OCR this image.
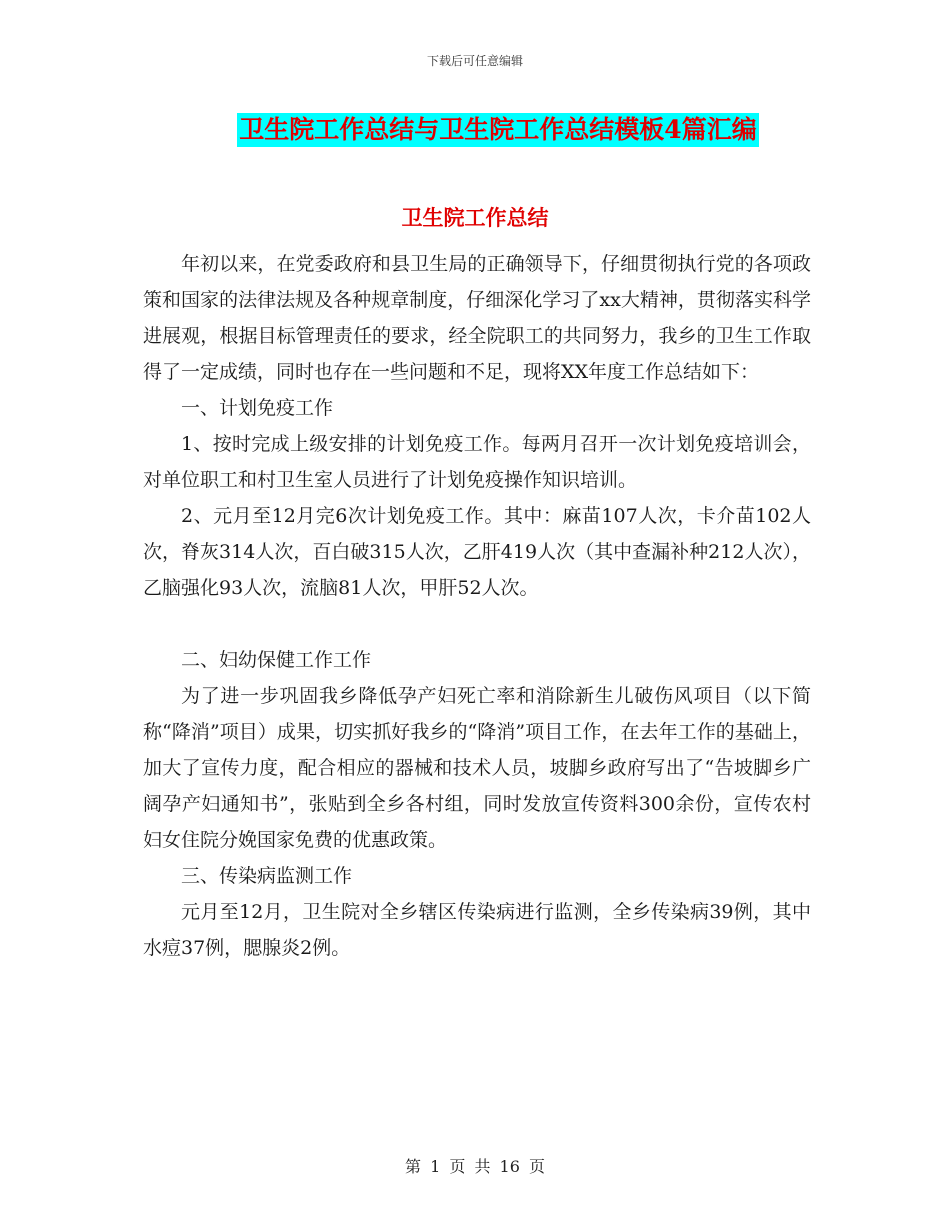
下载后可任意编辑
卫生院工作总结与卫生院工作总结模板4篇汇编
卫生院工作总结

年初以来，在党委政府和县卫生局的正确领导下，仔细贯彻执行党的各项政策和国家的法律法规及各种规章制度，仔细深化学习了xx大精神，贯彻落实科学进展观，根据目标管理责任的要求，经全院职工的共同努力，我乡的卫生工作取得了一定成绩，同时也存在一些问题和不足，现将XX年度工作总结如下：

一、计划免疫工作

1、按时完成上级安排的计划免疫工作。每两月召开一次计划免疫培训会，对单位职工和村卫生室人员进行了计划免疫操作知识培训。

2、元月至12月完6次计划免疫工作。其中：麻苗107人次，卡介苗102人次，脊灰314人次，百白破315人次，乙肝419人次（其中查漏补种212人次），乙脑强化93人次，流脑81人次，甲肝52人次。

二、妇幼保健工作工作

为了进一步巩固我乡降低孕产妇死亡率和消除新生儿破伤风项目（以下简称“降消”项目）成果，切实抓好我乡的“降消”项目工作，在去年工作的基础上，加大了宣传力度，配合相应的器械和技术人员，坡脚乡政府写出了“告坡脚乡广阔孕产妇通知书”，张贴到全乡各村组，同时发放宣传资料300余份，宣传农村妇女住院分娩国家免费的优惠政策。

三、传染病监测工作

元月至12月，卫生院对全乡辖区传染病进行监测，全乡传染病39例，其中水痘37例，腮腺炎2例。

第 1 页 共 16 页
